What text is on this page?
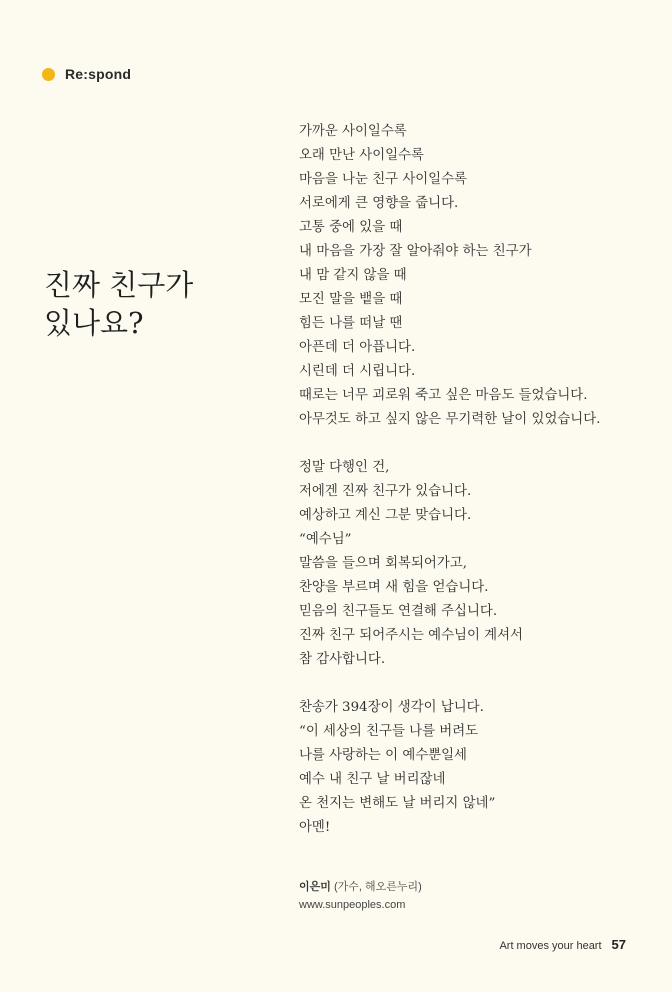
Re:spond
진짜 친구가
있나요?
가까운 사이일수록
오래 만난 사이일수록
마음을 나눈 친구 사이일수록
서로에게 큰 영향을 줍니다.
고통 중에 있을 때
내 마음을 가장 잘 알아줘야 하는 친구가
내 맘 같지 않을 때
모진 말을 뱉을 때
힘든 나를 떠날 땐
아픈데 더 아픕니다.
시린데 더 시립니다.
때로는 너무 괴로워 죽고 싶은 마음도 들었습니다.
아무것도 하고 싶지 않은 무기력한 날이 있었습니다.
정말 다행인 건,
저에겐 진짜 친구가 있습니다.
예상하고 계신 그분 맞습니다.
“예수님”
말씀을 들으며 회복되어가고,
찬양을 부르며 새 힘을 얻습니다.
믿음의 친구들도 연결해 주십니다.
진짜 친구 되어주시는 예수님이 계셔서
참 감사합니다.
찬송가 394장이 생각이 납니다.
“이 세상의 친구들 나를 버려도
나를 사랑하는 이 예수뿐일세
예수 내 친구 날 버리잖네
온 천지는 변해도 날 버리지 않네”
아멘!
이은미 (가수, 해오른누리)
www.sunpeoples.com
Art moves your heart 57
